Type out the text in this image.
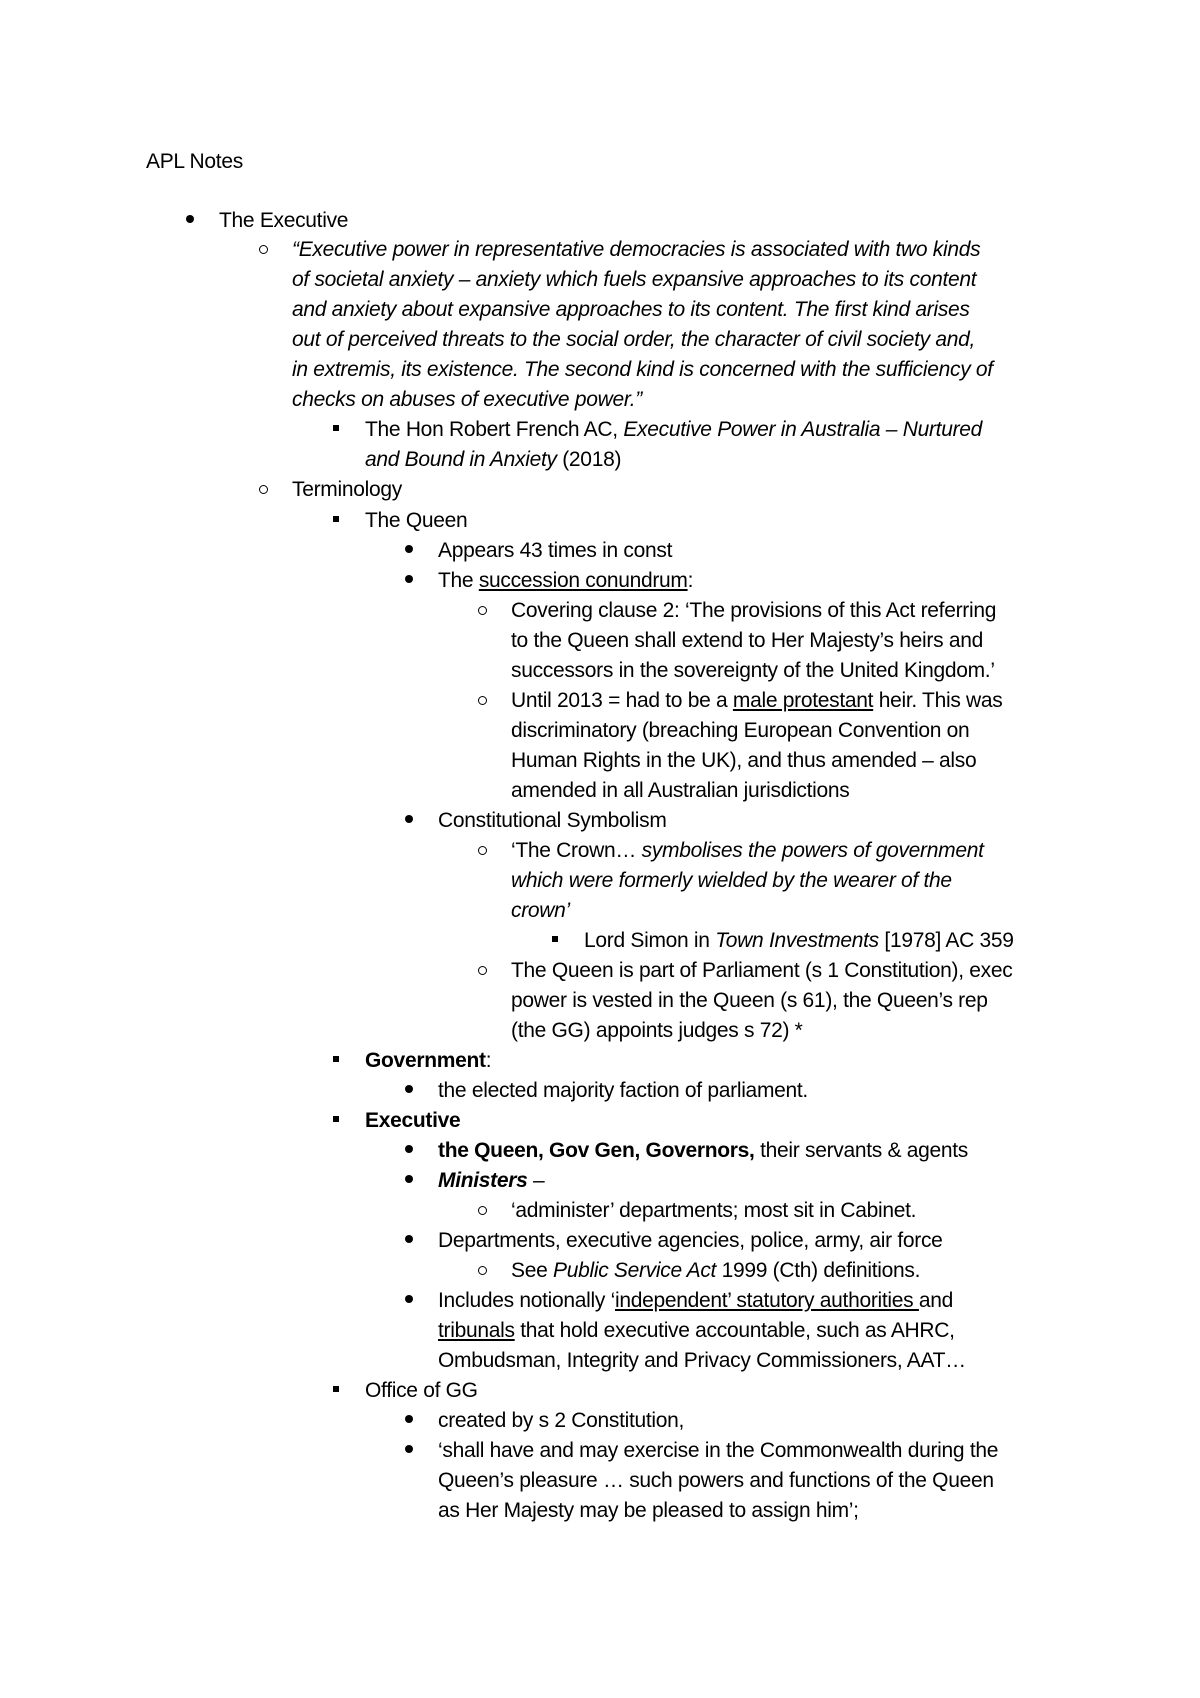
APL Notes
The Executive
“Executive power in representative democracies is associated with two kinds
of societal anxiety – anxiety which fuels expansive approaches to its content
and anxiety about expansive approaches to its content. The first kind arises
out of perceived threats to the social order, the character of civil society and,
in extremis, its existence. The second kind is concerned with the sufficiency of
checks on abuses of executive power.”
The Hon Robert French AC, Executive Power in Australia – Nurtured
and Bound in Anxiety (2018)
Terminology
The Queen
Appears 43 times in const
The succession conundrum:
Covering clause 2: ‘The provisions of this Act referring
to the Queen shall extend to Her Majesty’s heirs and
successors in the sovereignty of the United Kingdom.’
Until 2013 = had to be a male protestant heir. This was
discriminatory (breaching European Convention on
Human Rights in the UK), and thus amended – also
amended in all Australian jurisdictions
Constitutional Symbolism
‘The Crown… symbolises the powers of government
which were formerly wielded by the wearer of the
crown’
Lord Simon in Town Investments [1978] AC 359
The Queen is part of Parliament (s 1 Constitution), exec
power is vested in the Queen (s 61), the Queen’s rep
(the GG) appoints judges s 72) *
Government:
the elected majority faction of parliament.
Executive
the Queen, Gov Gen, Governors, their servants & agents
Ministers –
‘administer’ departments; most sit in Cabinet.
Departments, executive agencies, police, army, air force
See Public Service Act 1999 (Cth) definitions.
Includes notionally ‘independent’ statutory authorities and
tribunals that hold executive accountable, such as AHRC,
Ombudsman, Integrity and Privacy Commissioners, AAT…
Office of GG
created by s 2 Constitution,
‘shall have and may exercise in the Commonwealth during the
Queen’s pleasure … such powers and functions of the Queen
as Her Majesty may be pleased to assign him’;
